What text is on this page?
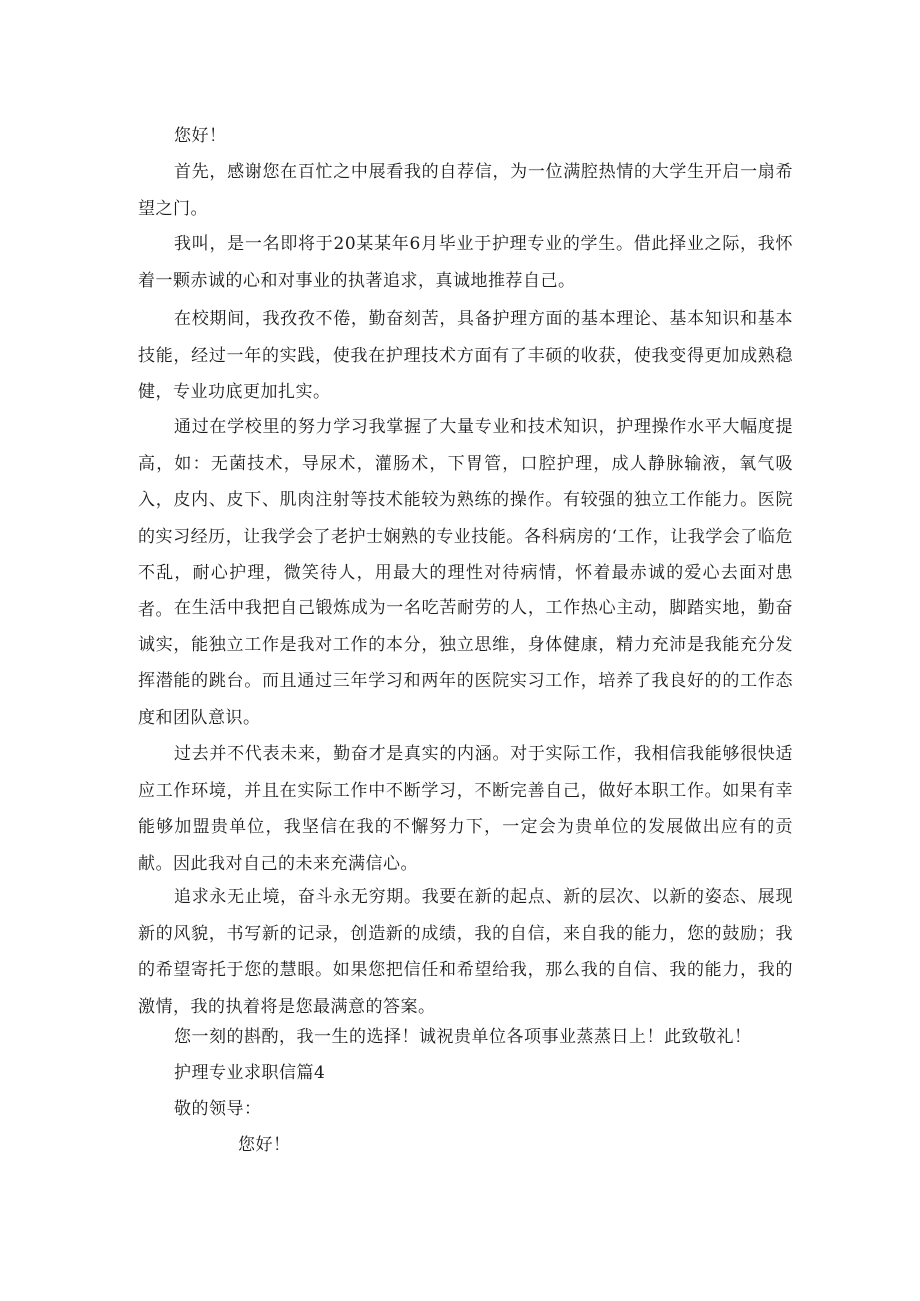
您好！

首先，感谢您在百忙之中展看我的自荐信，为一位满腔热情的大学生开启一扇希望之门。

我叫，是一名即将于20某某年6月毕业于护理专业的学生。借此择业之际，我怀着一颗赤诚的心和对事业的执著追求，真诚地推荐自己。

在校期间，我孜孜不倦，勤奋刻苦，具备护理方面的基本理论、基本知识和基本技能，经过一年的实践，使我在护理技术方面有了丰硕的收获，使我变得更加成熟稳健，专业功底更加扎实。

通过在学校里的努力学习我掌握了大量专业和技术知识，护理操作水平大幅度提高，如：无菌技术，导尿术，灌肠术，下胃管，口腔护理，成人静脉输液，氧气吸入，皮内、皮下、肌肉注射等技术能较为熟练的操作。有较强的独立工作能力。医院的实习经历，让我学会了老护士娴熟的专业技能。各科病房的‘工作，让我学会了临危不乱，耐心护理，微笑待人，用最大的理性对待病情，怀着最赤诚的爱心去面对患者。 在生活中我把自己锻炼成为一名吃苦耐劳的人，工作热心主动，脚踏实地，勤奋诚实，能独立工作是我对工作的本分，独立思维，身体健康，精力充沛是我能充分发挥潜能的跳台。而且通过三年学习和两年的医院实习工作，培养了我良好的的工作态度和团队意识。

过去并不代表未来，勤奋才是真实的内涵。对于实际工作，我相信我能够很快适应工作环境，并且在实际工作中不断学习，不断完善自己，做好本职工作。如果有幸能够加盟贵单位，我坚信在我的不懈努力下，一定会为贵单位的发展做出应有的贡献。因此我对自己的未来充满信心。

追求永无止境，奋斗永无穷期。我要在新的起点、新的层次、以新的姿态、展现新的风貌，书写新的记录，创造新的成绩，我的自信，来自我的能力，您的鼓励；我的希望寄托于您的慧眼。如果您把信任和希望给我，那么我的自信、我的能力，我的激情，我的执着将是您最满意的答案。

您一刻的斟酌，我一生的选择！诚祝贵单位各项事业蒸蒸日上！此致敬礼！
护理专业求职信篇4
敬的领导：
您好！
